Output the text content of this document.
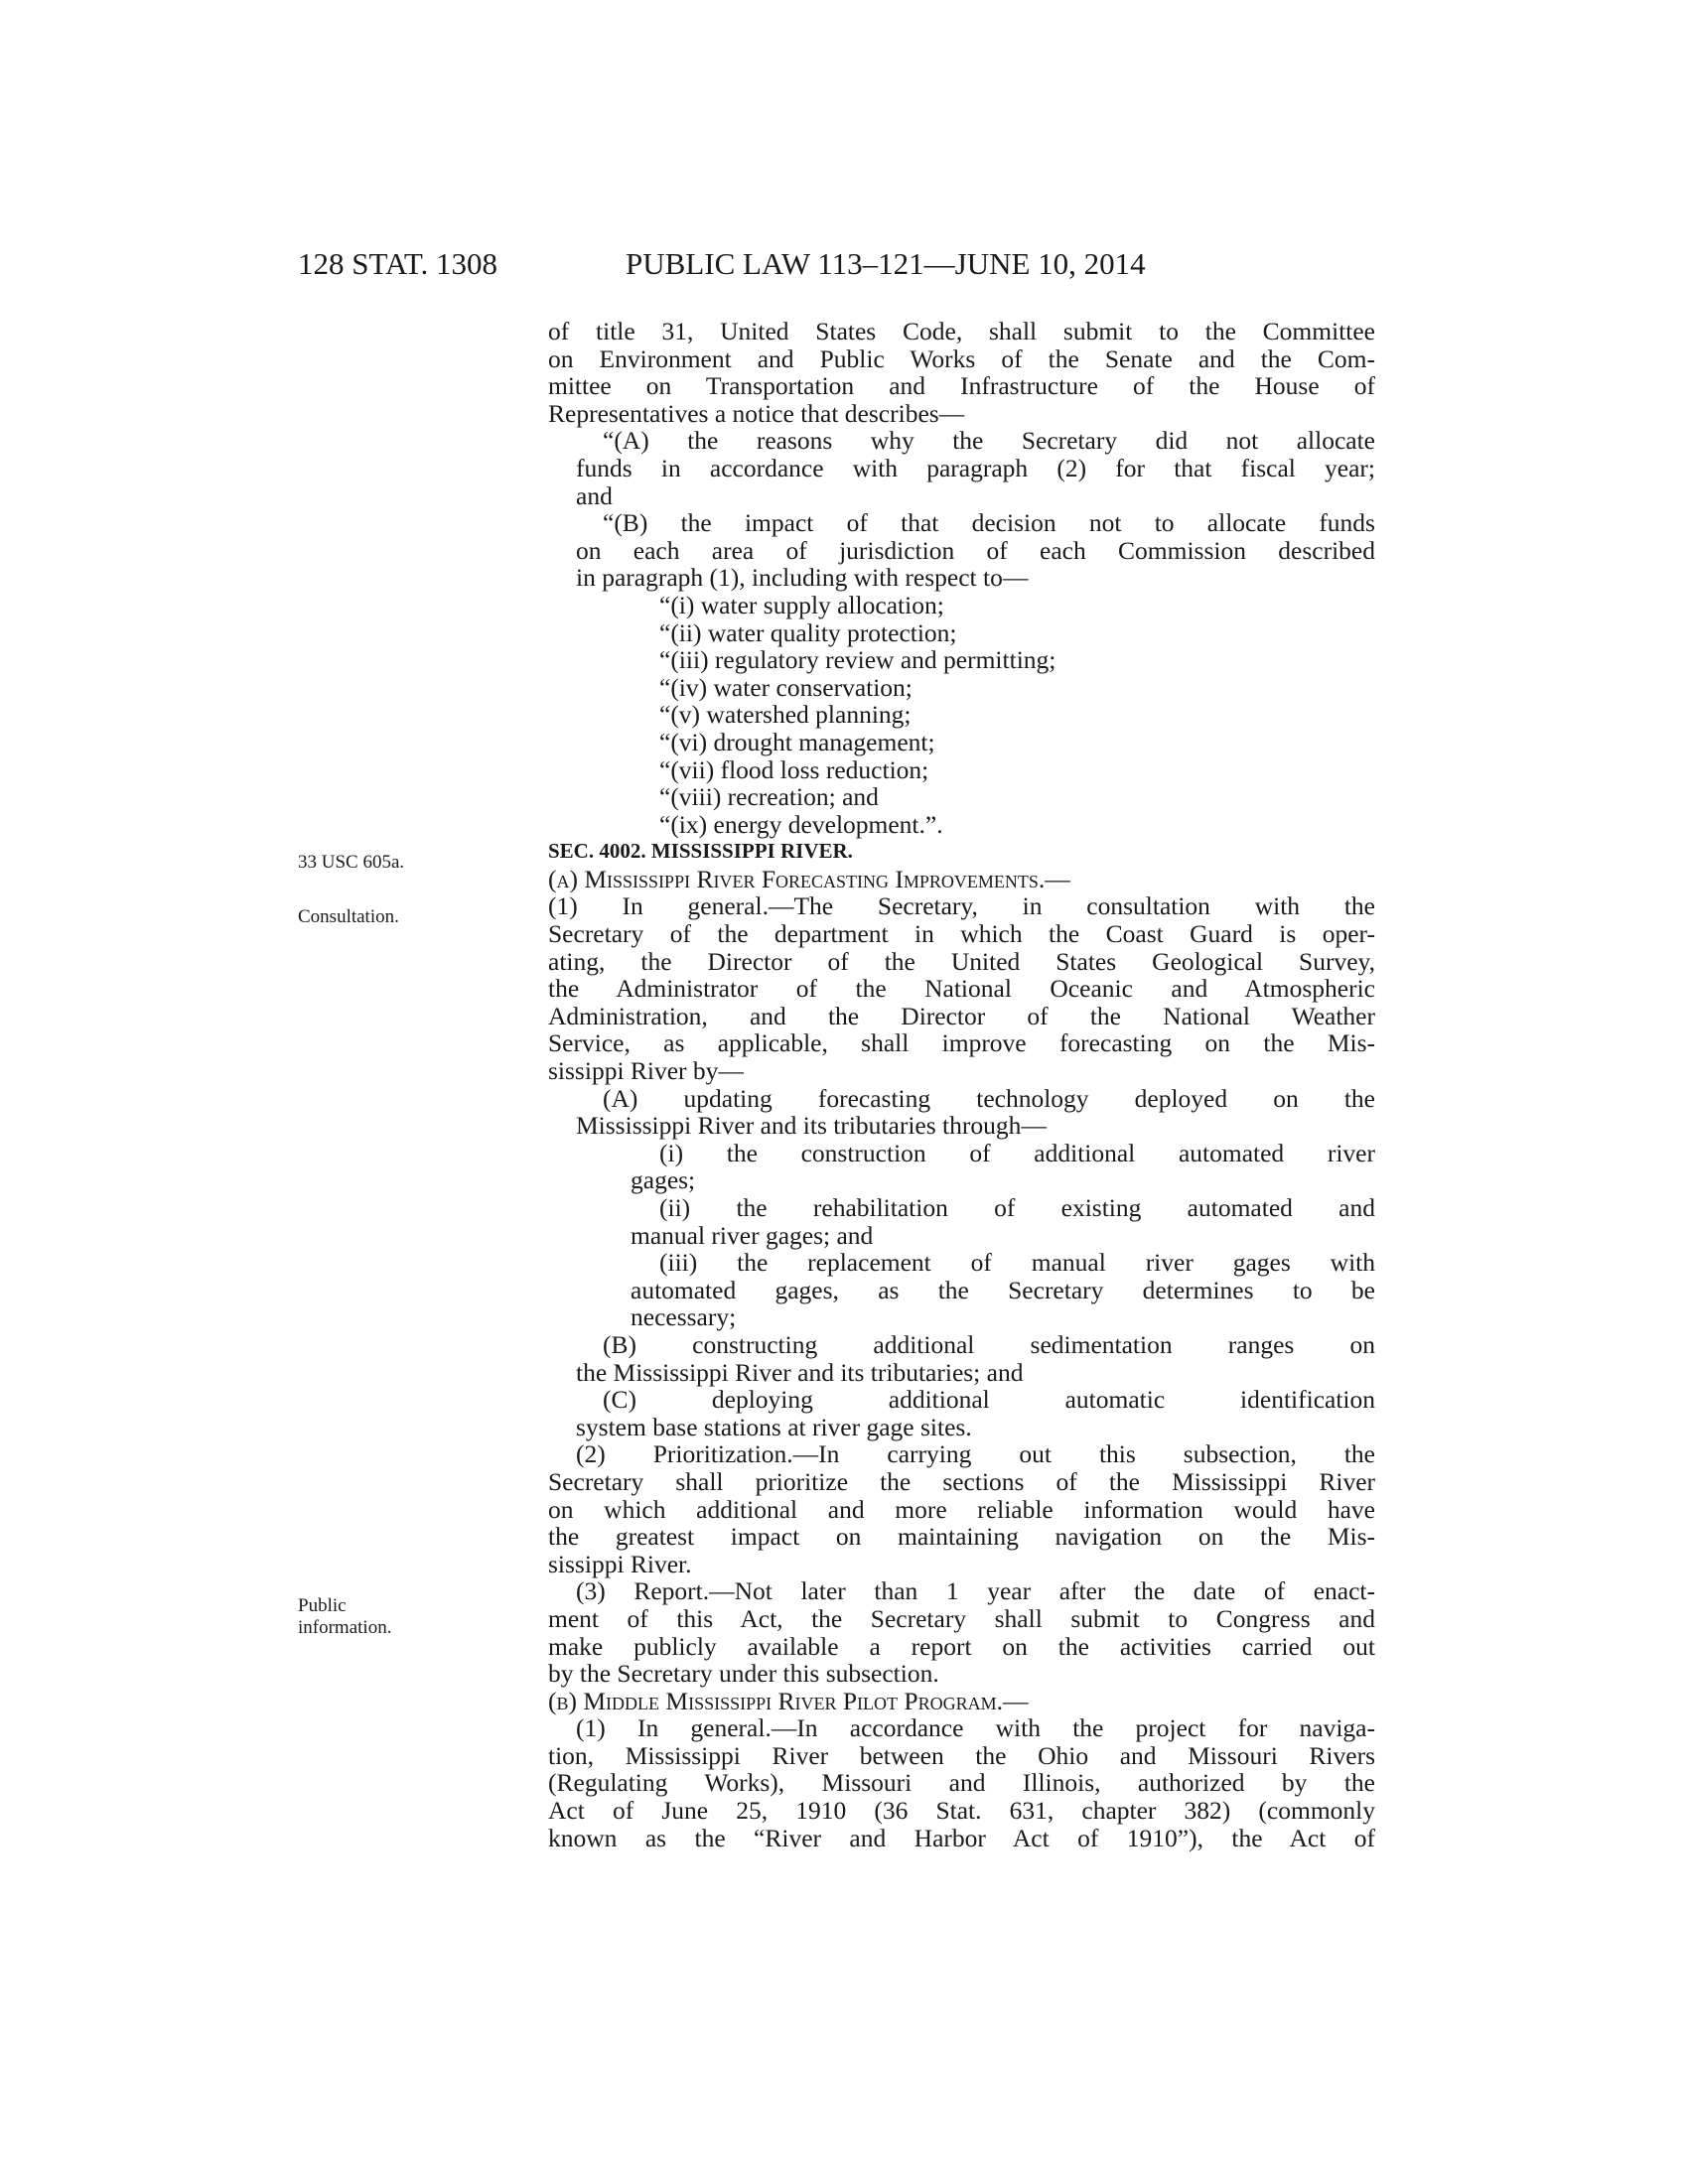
128 STAT. 1308	PUBLIC LAW 113–121—JUNE 10, 2014
33 USC 605a.
Consultation.
Public
information.
of title 31, United States Code, shall submit to the Committee
on Environment and Public Works of the Senate and the Com-
mittee on Transportation and Infrastructure of the House of
Representatives a notice that describes—
“(A) the reasons why the Secretary did not allocate
funds in accordance with paragraph (2) for that fiscal year;
and
“(B) the impact of that decision not to allocate funds
on each area of jurisdiction of each Commission described
in paragraph (1), including with respect to—
“(i) water supply allocation;
“(ii) water quality protection;
“(iii) regulatory review and permitting;
“(iv) water conservation;
“(v) watershed planning;
“(vi) drought management;
“(vii) flood loss reduction;
“(viii) recreation; and
“(ix) energy development.”.
SEC. 4002. MISSISSIPPI RIVER.
(a) Mississippi River Forecasting Improvements.—
(1) In general.—The Secretary, in consultation with the
Secretary of the department in which the Coast Guard is oper-
ating, the Director of the United States Geological Survey,
the Administrator of the National Oceanic and Atmospheric
Administration, and the Director of the National Weather
Service, as applicable, shall improve forecasting on the Mis-
sissippi River by—
(A) updating forecasting technology deployed on the
Mississippi River and its tributaries through—
(i) the construction of additional automated river
gages;
(ii) the rehabilitation of existing automated and
manual river gages; and
(iii) the replacement of manual river gages with
automated gages, as the Secretary determines to be
necessary;
(B) constructing additional sedimentation ranges on
the Mississippi River and its tributaries; and
(C) deploying additional automatic identification
system base stations at river gage sites.
(2) Prioritization.—In carrying out this subsection, the
Secretary shall prioritize the sections of the Mississippi River
on which additional and more reliable information would have
the greatest impact on maintaining navigation on the Mis-
sissippi River.
(3) Report.—Not later than 1 year after the date of enact-
ment of this Act, the Secretary shall submit to Congress and
make publicly available a report on the activities carried out
by the Secretary under this subsection.
(b) Middle Mississippi River Pilot Program.—
(1) In general.—In accordance with the project for naviga-
tion, Mississippi River between the Ohio and Missouri Rivers
(Regulating Works), Missouri and Illinois, authorized by the
Act of June 25, 1910 (36 Stat. 631, chapter 382) (commonly
known as the “River and Harbor Act of 1910”), the Act of
